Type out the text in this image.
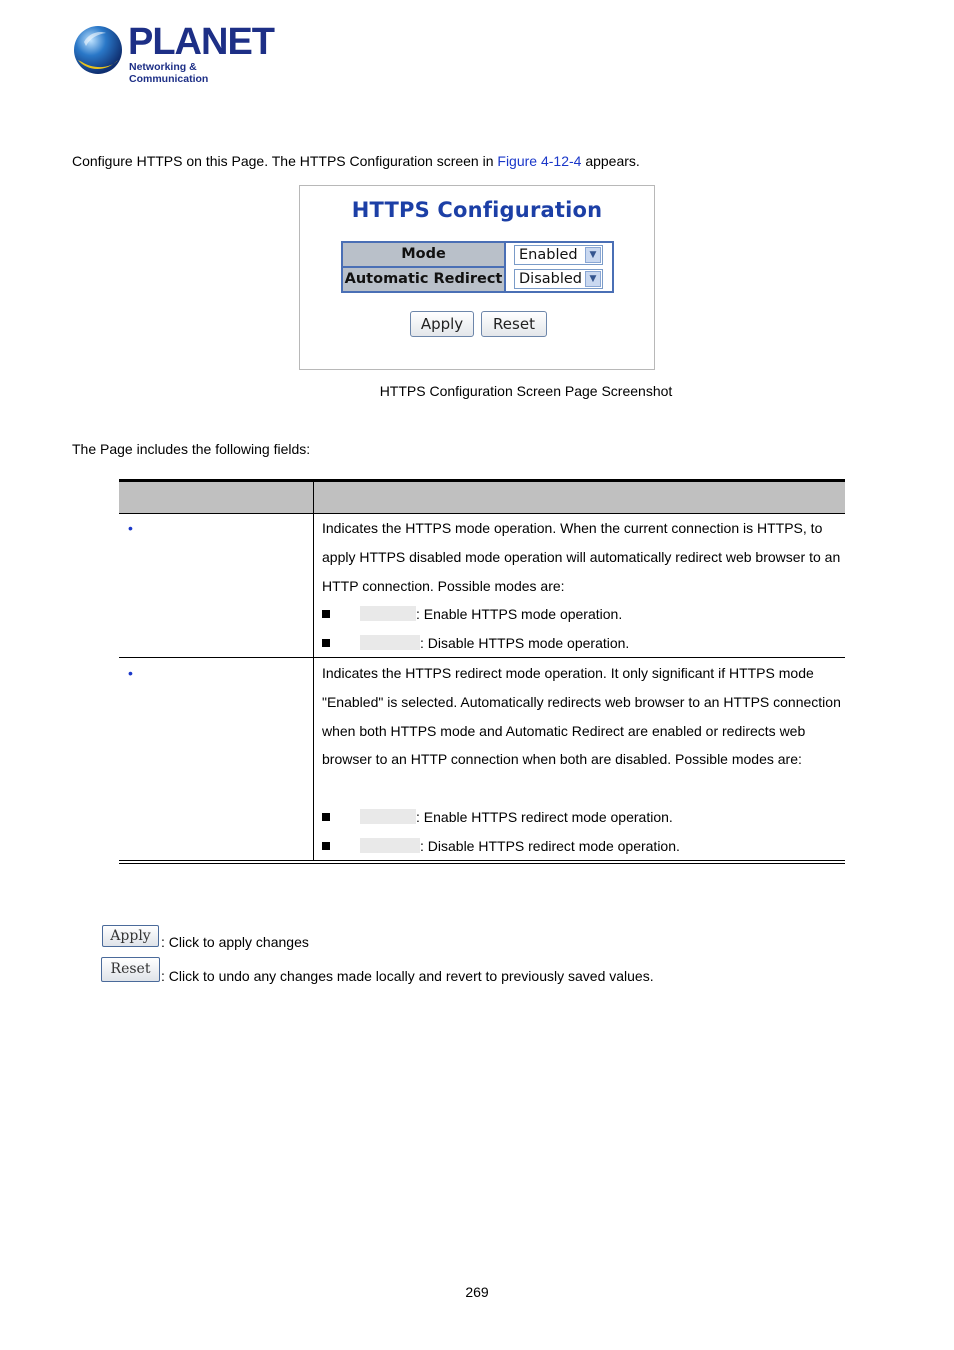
PLANET
Networking & Communication
Configure HTTPS on this Page. The HTTPS Configuration screen in Figure 4-12-4 appears.
HTTPS Configuration
Mode	Enabled	▼
Automatic Redirect	Disabled ▼
Apply	Reset
HTTPS Configuration Screen Page Screenshot
The Page includes the following fields:
•	Indicates the HTTPS mode operation. When the current connection is HTTPS, to apply HTTPS disabled mode operation will automatically redirect web browser to an HTTP connection. Possible modes are:
: Enable HTTPS mode operation.
: Disable HTTPS mode operation.
•	Indicates the HTTPS redirect mode operation. It only significant if HTTPS mode "Enabled" is selected. Automatically redirects web browser to an HTTPS connection when both HTTPS mode and Automatic Redirect are enabled or redirects web browser to an HTTP connection when both are disabled. Possible modes are:
: Enable HTTPS redirect mode operation.
: Disable HTTPS redirect mode operation.
Apply : Click to apply changes
Reset : Click to undo any changes made locally and revert to previously saved values.
269
